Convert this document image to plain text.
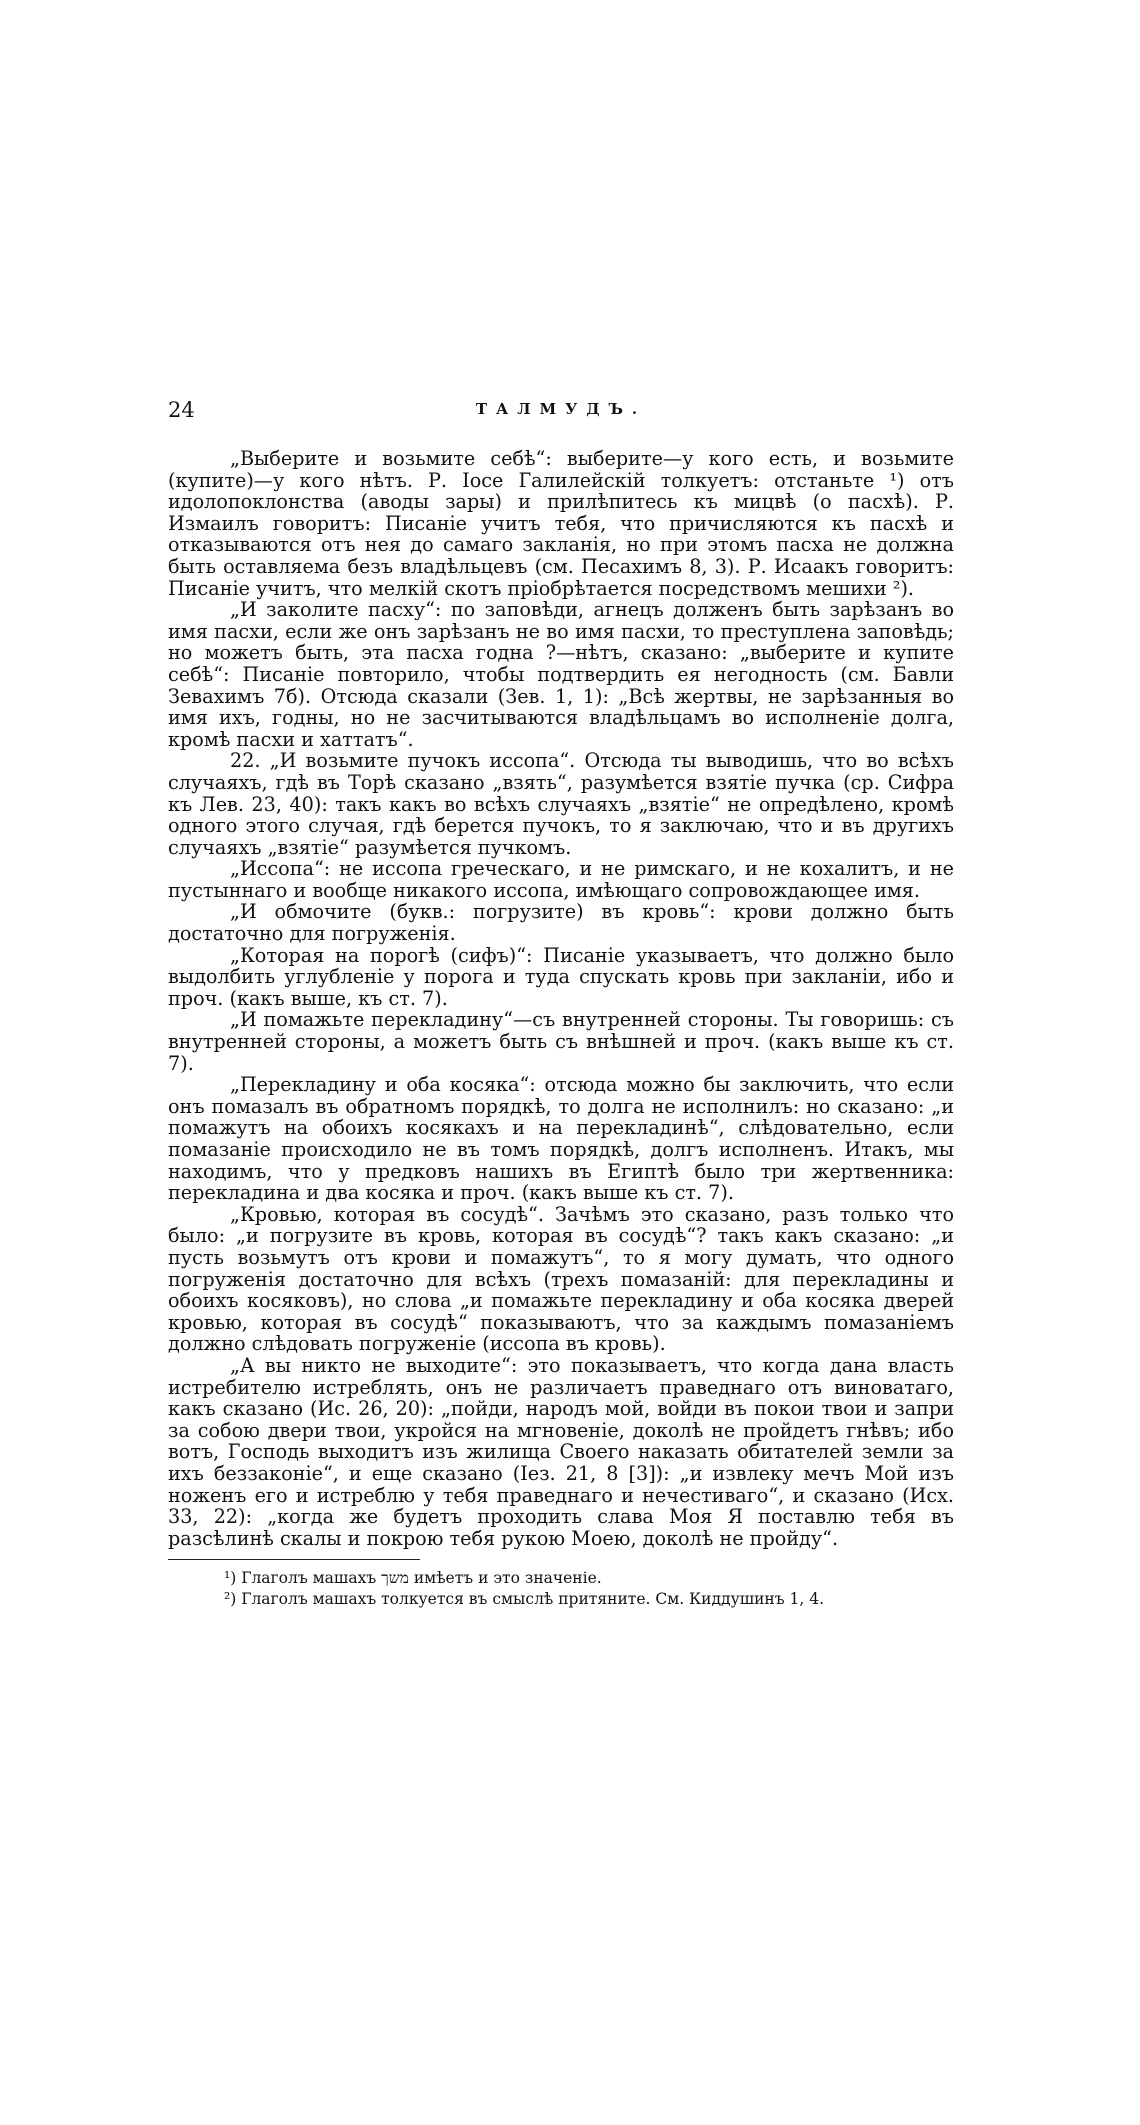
24	ТАЛМУДЪ.

„Выберите и возьмите себѣ“: выберите—у кого есть, и возьмите (купите)—у кого нѣтъ. Р. Іосе Галилейскій толкуетъ: отстаньте ¹) отъ идолопоклонства (аводы зары) и прилѣпитесь къ мицвѣ (о пасхѣ). Р. Измаилъ говоритъ: Писаніе учитъ тебя, что причисляются къ пасхѣ и отказываются отъ нея до самаго закланія, но при этомъ пасха не должна быть оставляема безъ владѣльцевъ (см. Песахимъ 8, 3). Р. Исаакъ говоритъ: Писаніе учитъ, что мелкій скотъ пріобрѣтается посредствомъ мешихи ²).

„И заколите пасху“: по заповѣди, агнецъ долженъ быть зарѣзанъ во имя пасхи, если же онъ зарѣзанъ не во имя пасхи, то преступлена заповѣдь; но можетъ быть, эта пасха годна ?—нѣтъ, сказано: „выберите и купите себѣ“: Писаніе повторило, чтобы подтвердить ея негодность (см. Бавли Зевахимъ 7б). Отсюда сказали (Зев. 1, 1): „Всѣ жертвы, не зарѣзанныя во имя ихъ, годны, но не засчитываются владѣльцамъ во исполненіе долга, кромѣ пасхи и хаттатъ“.

22. „И возьмите пучокъ иссопа“. Отсюда ты выводишь, что во всѣхъ случаяхъ, гдѣ въ Торѣ сказано „взять“, разумѣется взятіе пучка (ср. Сифра къ Лев. 23, 40): такъ какъ во всѣхъ случаяхъ „взятіе“ не опредѣлено, кромѣ одного этого случая, гдѣ берется пучокъ, то я заключаю, что и въ другихъ случаяхъ „взятіе“ разумѣется пучкомъ.

„Иссопа“: не иссопа греческаго, и не римскаго, и не кохалитъ, и не пустыннаго и вообще никакого иссопа, имѣющаго сопровождающее имя.

„И обмочите (букв.: погрузите) въ кровь“: крови должно быть достаточно для погруженія.

„Которая на порогѣ (сифъ)“: Писаніе указываетъ, что должно было выдолбить углубленіе у порога и туда спускать кровь при закланіи, ибо и проч. (какъ выше, къ ст. 7).

„И помажьте перекладину“—съ внутренней стороны. Ты говоришь: съ внутренней стороны, а можетъ быть съ внѣшней и проч. (какъ выше къ ст. 7).

„Перекладину и оба косяка“: отсюда можно бы заключить, что если онъ помазалъ въ обратномъ порядкѣ, то долга не исполнилъ: но сказано: „и помажутъ на обоихъ косякахъ и на перекладинѣ“, слѣдовательно, если помазаніе происходило не въ томъ порядкѣ, долгъ исполненъ. Итакъ, мы находимъ, что у предковъ нашихъ въ Египтѣ было три жертвенника: перекладина и два косяка и проч. (какъ выше къ ст. 7).

„Кровью, которая въ сосудѣ“. Зачѣмъ это сказано, разъ только что было: „и погрузите въ кровь, которая въ сосудѣ“? такъ какъ сказано: „и пусть возьмутъ отъ крови и помажутъ“, то я могу думать, что одного погруженія достаточно для всѣхъ (трехъ помазаній: для перекладины и обоихъ косяковъ), но слова „и помажьте перекладину и оба косяка дверей кровью, которая въ сосудѣ“ показываютъ, что за каждымъ помазаніемъ должно слѣдовать погруженіе (иссопа въ кровь).

„А вы никто не выходите“: это показываетъ, что когда дана власть истребителю истреблять, онъ не различаетъ праведнаго отъ виноватаго, какъ сказано (Ис. 26, 20): „пойди, народъ мой, войди въ покои твои и запри за собою двери твои, укройся на мгновеніе, доколѣ не пройдетъ гнѣвъ; ибо вотъ, Господь выходитъ изъ жилища Своего наказать обитателей земли за ихъ беззаконіе“, и еще сказано (Іез. 21, 8 [3]): „и извлеку мечъ Мой изъ ноженъ его и истреблю у тебя праведнаго и нечестиваго“, и сказано (Исх. 33, 22): „когда же будетъ проходить слава Моя Я поставлю тебя въ разсѣлинѣ скалы и покрою тебя рукою Моею, доколѣ не пройду“.

¹) Глаголъ машахъ משך имѣетъ и это значеніе.

²) Глаголъ машахъ толкуется въ смыслѣ притяните. См. Киддушинъ 1, 4.
